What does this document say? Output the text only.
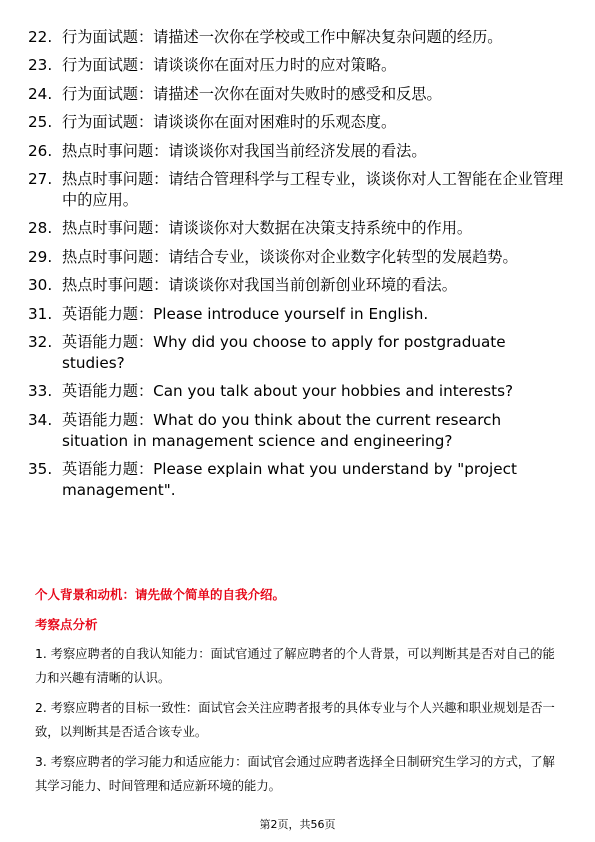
22. 行为面试题：请描述一次你在学校或工作中解决复杂问题的经历。
23. 行为面试题：请谈谈你在面对压力时的应对策略。
24. 行为面试题：请描述一次你在面对失败时的感受和反思。
25. 行为面试题：请谈谈你在面对困难时的乐观态度。
26. 热点时事问题：请谈谈你对我国当前经济发展的看法。
27. 热点时事问题：请结合管理科学与工程专业，谈谈你对人工智能在企业管理中的应用。
28. 热点时事问题：请谈谈你对大数据在决策支持系统中的作用。
29. 热点时事问题：请结合专业，谈谈你对企业数字化转型的发展趋势。
30. 热点时事问题：请谈谈你对我国当前创新创业环境的看法。
31. 英语能力题：Please introduce yourself in English.
32. 英语能力题：Why did you choose to apply for postgraduate studies?
33. 英语能力题：Can you talk about your hobbies and interests?
34. 英语能力题：What do you think about the current research situation in management science and engineering?
35. 英语能力题：Please explain what you understand by "project management".
个人背景和动机：请先做个简单的自我介绍。
考察点分析
1. 考察应聘者的自我认知能力：面试官通过了解应聘者的个人背景，可以判断其是否对自己的能力和兴趣有清晰的认识。
2. 考察应聘者的目标一致性：面试官会关注应聘者报考的具体专业与个人兴趣和职业规划是否一致，以判断其是否适合该专业。
3. 考察应聘者的学习能力和适应能力：面试官会通过应聘者选择全日制研究生学习的方式，了解其学习能力、时间管理和适应新环境的能力。
第2页，共56页
